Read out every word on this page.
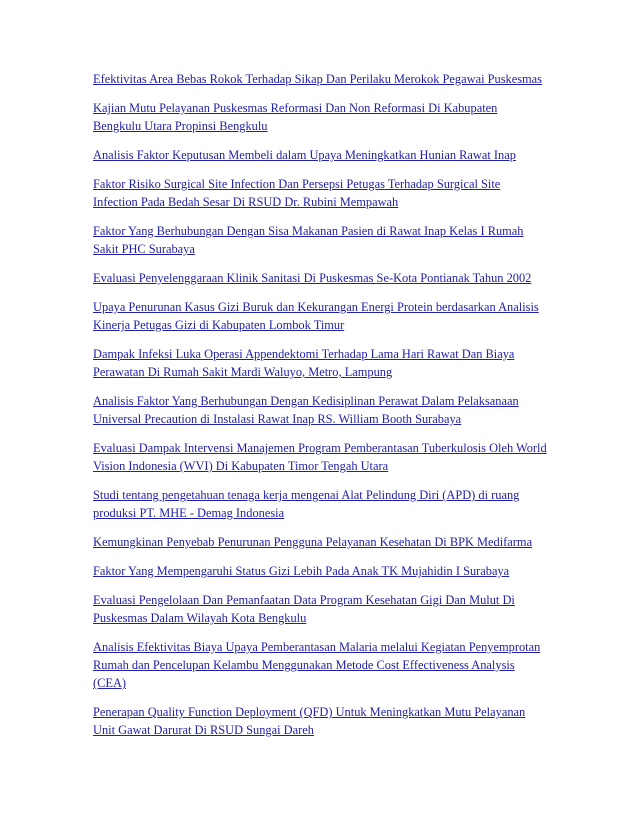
Efektivitas Area Bebas Rokok Terhadap Sikap Dan Perilaku Merokok Pegawai Puskesmas
Kajian Mutu Pelayanan Puskesmas Reformasi Dan Non Reformasi Di Kabupaten Bengkulu Utara Propinsi Bengkulu
Analisis Faktor Keputusan Membeli dalam Upaya Meningkatkan Hunian Rawat Inap
Faktor Risiko Surgical Site Infection Dan Persepsi Petugas Terhadap Surgical Site Infection Pada Bedah Sesar Di RSUD Dr. Rubini Mempawah
Faktor Yang Berhubungan Dengan Sisa Makanan Pasien di Rawat Inap Kelas I Rumah Sakit PHC Surabaya
Evaluasi Penyelenggaraan Klinik Sanitasi Di Puskesmas Se-Kota Pontianak Tahun 2002
Upaya Penurunan Kasus Gizi Buruk dan Kekurangan Energi Protein berdasarkan Analisis Kinerja Petugas Gizi di Kabupaten Lombok Timur
Dampak Infeksi Luka Operasi Appendektomi Terhadap Lama Hari Rawat Dan Biaya Perawatan Di Rumah Sakit Mardi Waluyo, Metro, Lampung
Analisis Faktor Yang Berhubungan Dengan Kedisiplinan Perawat Dalam Pelaksanaan Universal Precaution di Instalasi Rawat Inap RS. William Booth Surabaya
Evaluasi Dampak Intervensi Manajemen Program Pemberantasan Tuberkulosis Oleh World Vision Indonesia (WVI) Di Kabupaten Timor Tengah Utara
Studi tentang pengetahuan tenaga kerja mengenai Alat Pelindung Diri (APD) di ruang produksi PT. MHE - Demag Indonesia
Kemungkinan Penyebab Penurunan Pengguna Pelayanan Kesehatan Di BPK Medifarma
Faktor Yang Mempengaruhi Status Gizi Lebih Pada Anak TK Mujahidin I Surabaya
Evaluasi Pengelolaan Dan Pemanfaatan Data Program Kesehatan Gigi Dan Mulut Di Puskesmas Dalam Wilayah Kota Bengkulu
Analisis Efektivitas Biaya Upaya Pemberantasan Malaria melalui Kegiatan Penyemprotan Rumah dan Pencelupan Kelambu Menggunakan Metode Cost Effectiveness Analysis (CEA)
Penerapan Quality Function Deployment (QFD) Untuk Meningkatkan Mutu Pelayanan Unit Gawat Darurat Di RSUD Sungai Dareh
